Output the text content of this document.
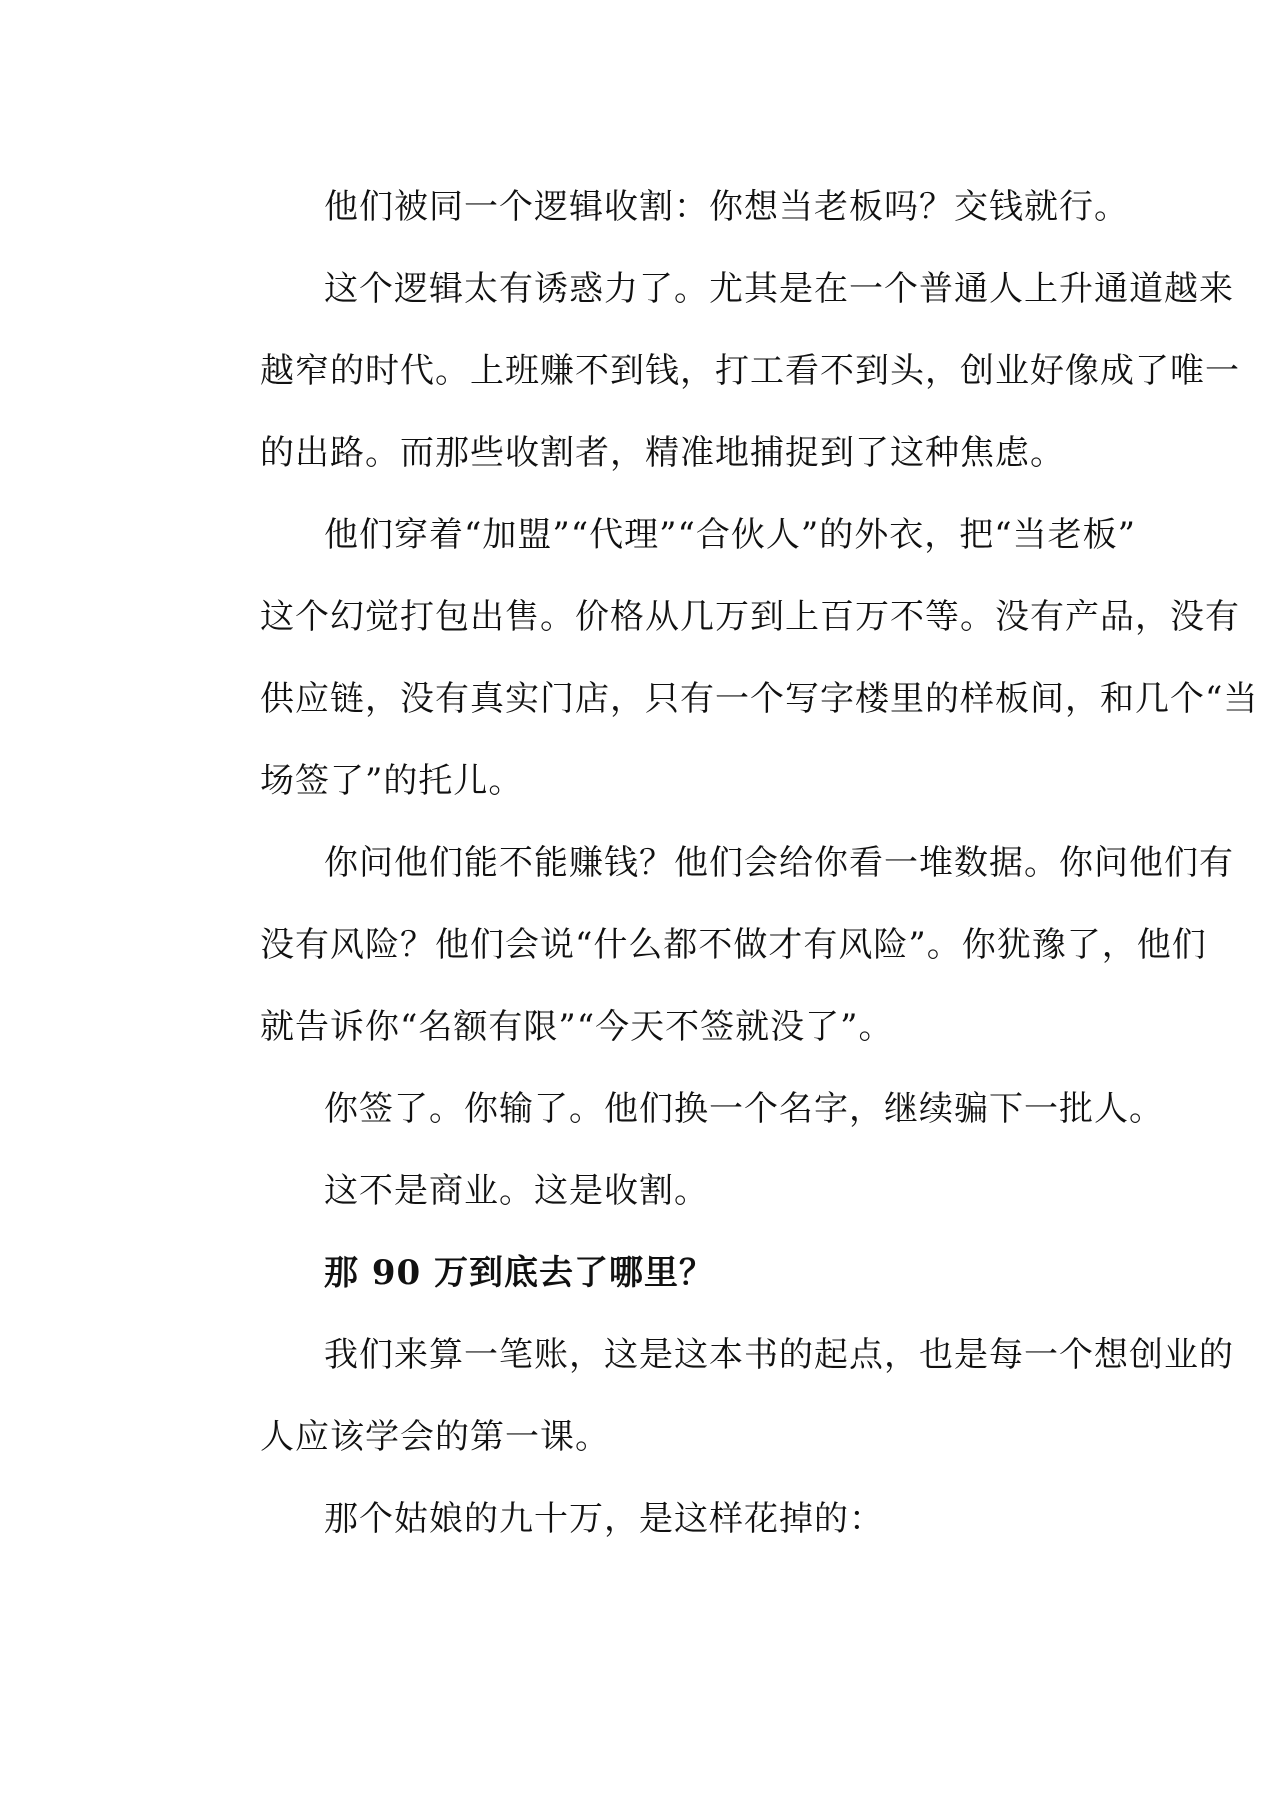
他们被同一个逻辑收割：你想当老板吗？交钱就行。
这个逻辑太有诱惑力了。尤其是在一个普通人上升通道越来
越窄的时代。上班赚不到钱，打工看不到头，创业好像成了唯一
的出路。而那些收割者，精准地捕捉到了这种焦虑。
他们穿着“加盟”“代理”“合伙人”的外衣，把“当老板”
这个幻觉打包出售。价格从几万到上百万不等。没有产品，没有
供应链，没有真实门店，只有一个写字楼里的样板间，和几个“当
场签了”的托儿。
你问他们能不能赚钱？他们会给你看一堆数据。你问他们有
没有风险？他们会说“什么都不做才有风险”。你犹豫了，他们
就告诉你“名额有限”“今天不签就没了”。
你签了。你输了。他们换一个名字，继续骗下一批人。
这不是商业。这是收割。
那 90 万到底去了哪里？
我们来算一笔账，这是这本书的起点，也是每一个想创业的
人应该学会的第一课。
那个姑娘的九十万，是这样花掉的：
